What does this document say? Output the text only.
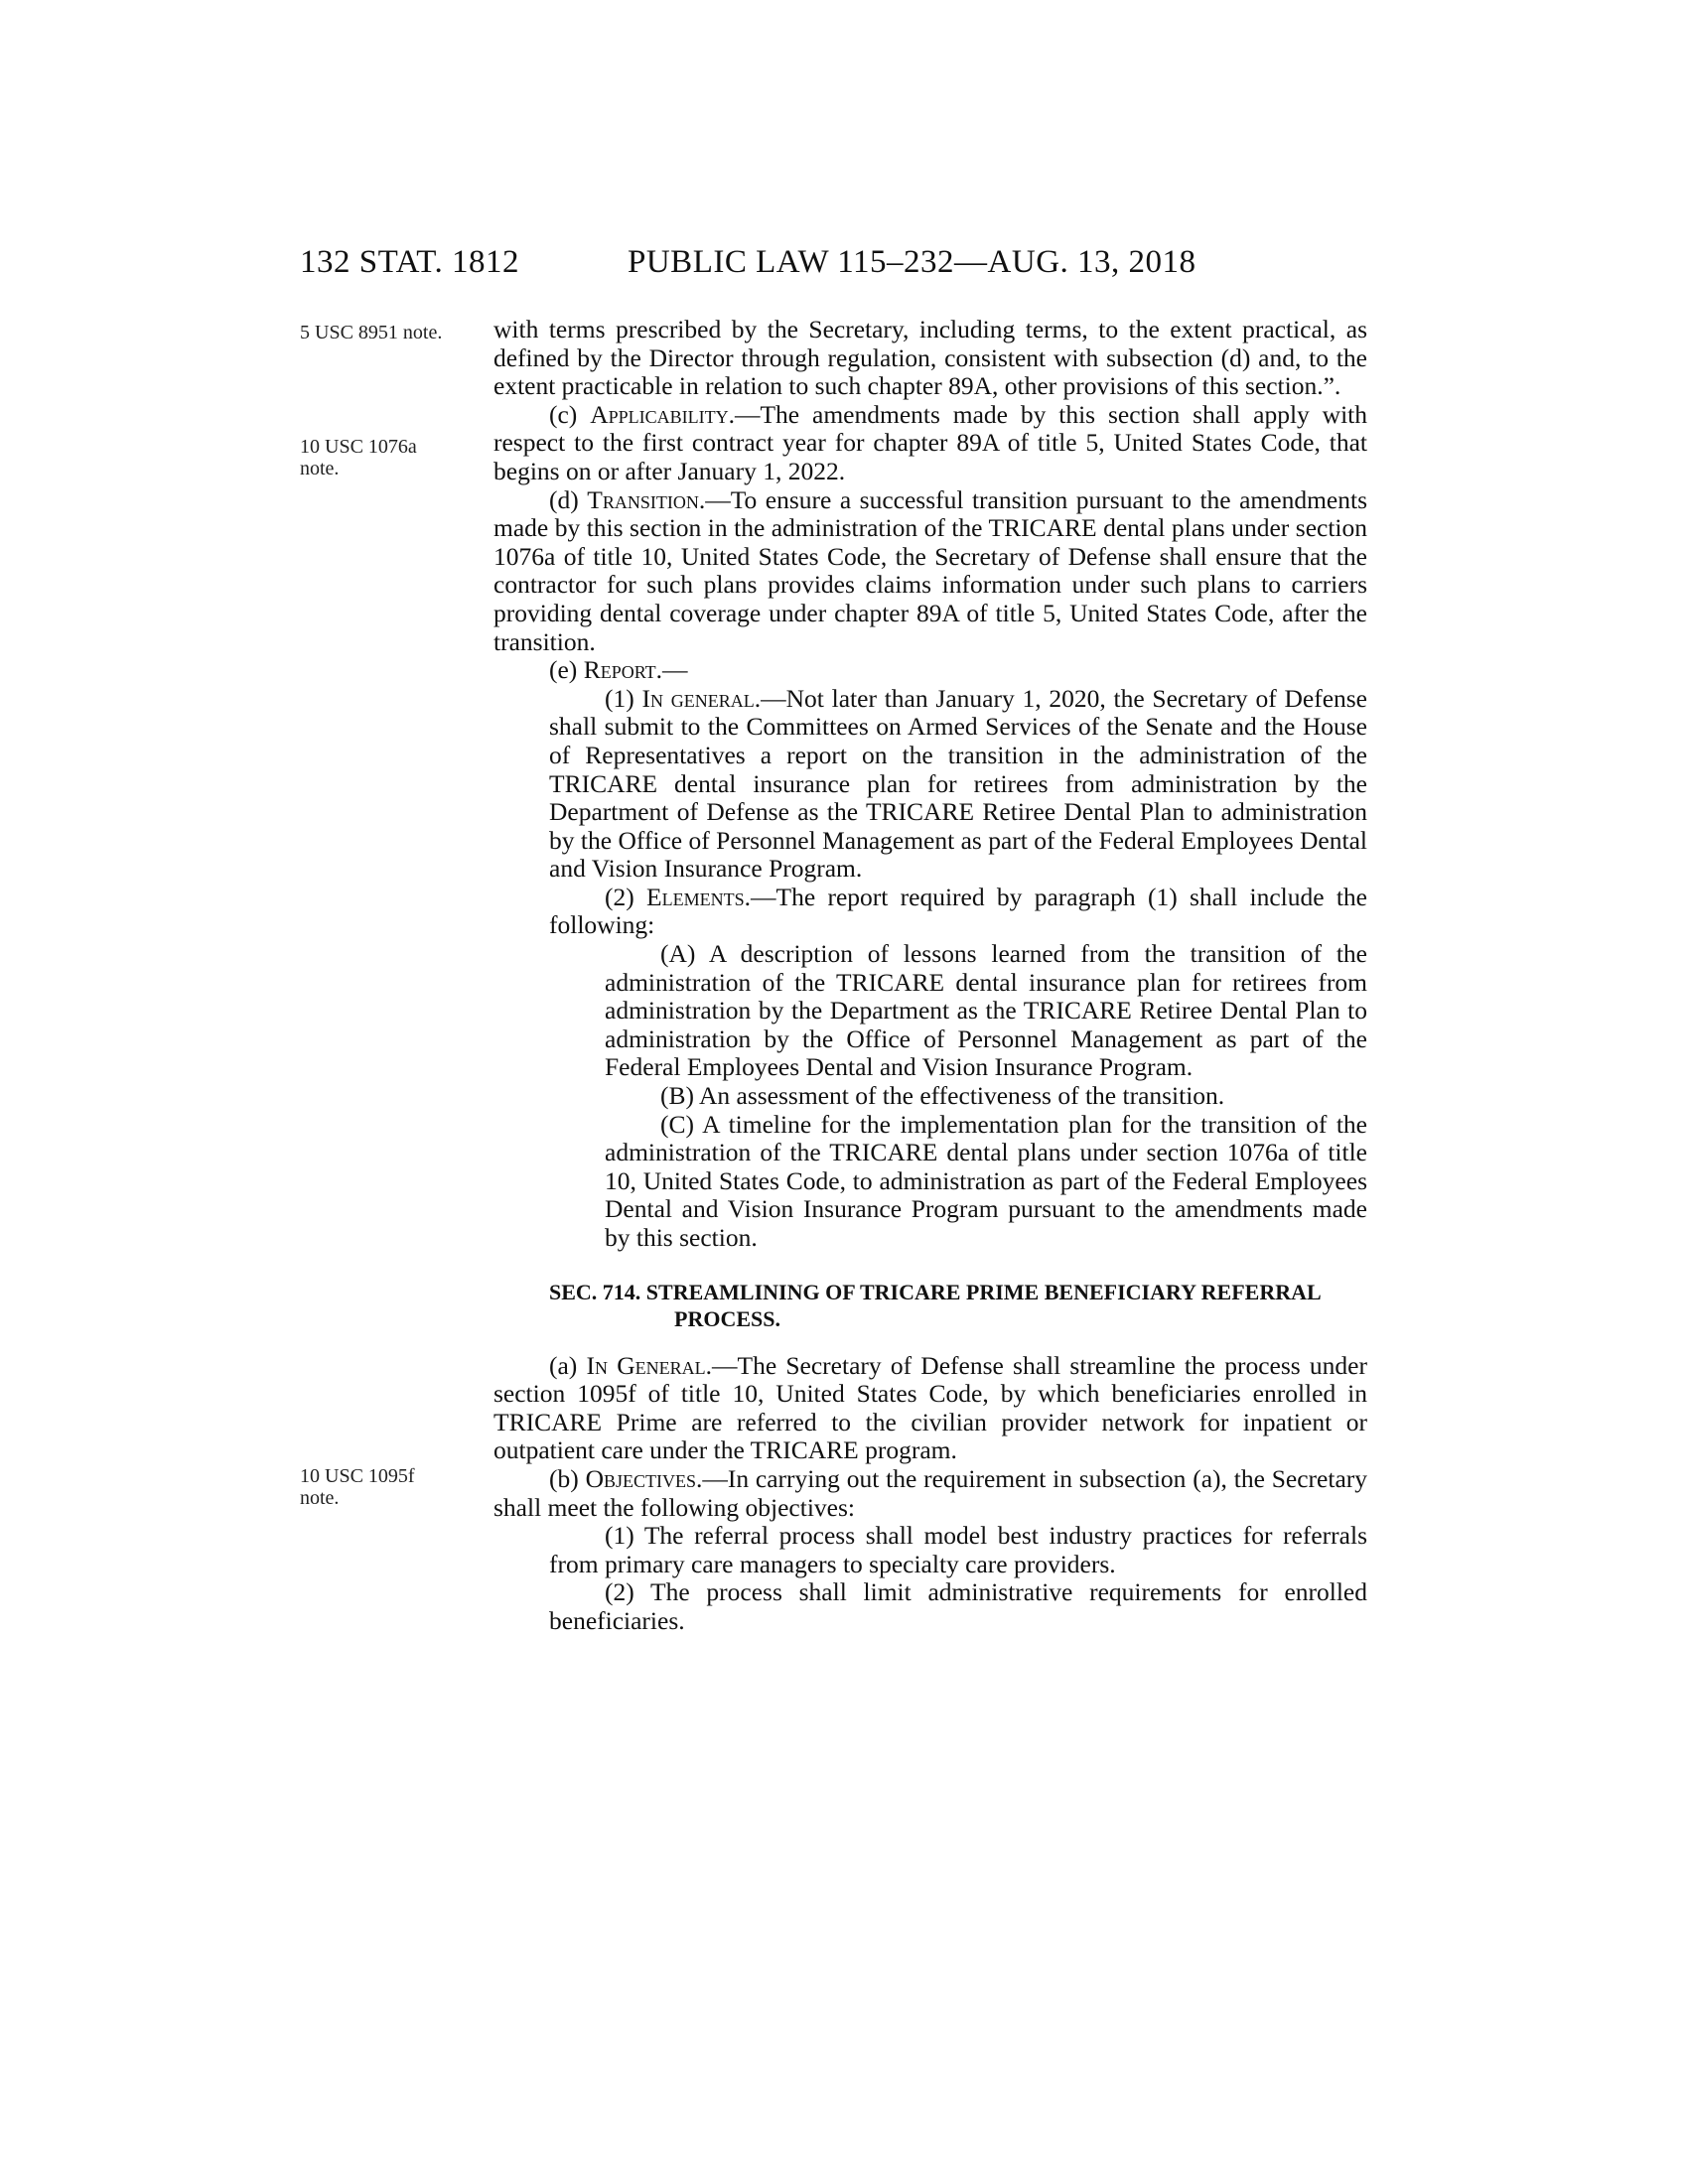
132 STAT. 1812	PUBLIC LAW 115–232—AUG. 13, 2018
5 USC 8951 note.
10 USC 1076a
note.
10 USC 1095f
note.

with terms prescribed by the Secretary, including terms, to the extent practical, as defined by the Director through regulation, consistent with subsection (d) and, to the extent practicable in relation to such chapter 89A, other provisions of this section.”.

(c) Applicability.—The amendments made by this section shall apply with respect to the first contract year for chapter 89A of title 5, United States Code, that begins on or after January 1, 2022.

(d) Transition.—To ensure a successful transition pursuant to the amendments made by this section in the administration of the TRICARE dental plans under section 1076a of title 10, United States Code, the Secretary of Defense shall ensure that the contractor for such plans provides claims information under such plans to carriers providing dental coverage under chapter 89A of title 5, United States Code, after the transition.

(e) Report.—

(1) In general.—Not later than January 1, 2020, the Secretary of Defense shall submit to the Committees on Armed Services of the Senate and the House of Representatives a report on the transition in the administration of the TRICARE dental insurance plan for retirees from administration by the Department of Defense as the TRICARE Retiree Dental Plan to administration by the Office of Personnel Management as part of the Federal Employees Dental and Vision Insurance Program.

(2) Elements.—The report required by paragraph (1) shall include the following:

(A) A description of lessons learned from the transition of the administration of the TRICARE dental insurance plan for retirees from administration by the Department as the TRICARE Retiree Dental Plan to administration by the Office of Personnel Management as part of the Federal Employees Dental and Vision Insurance Program.

(B) An assessment of the effectiveness of the transition.

(C) A timeline for the implementation plan for the transition of the administration of the TRICARE dental plans under section 1076a of title 10, United States Code, to administration as part of the Federal Employees Dental and Vision Insurance Program pursuant to the amendments made by this section.

SEC. 714. STREAMLINING OF TRICARE PRIME BENEFICIARY REFERRAL
PROCESS.

(a) In General.—The Secretary of Defense shall streamline the process under section 1095f of title 10, United States Code, by which beneficiaries enrolled in TRICARE Prime are referred to the civilian provider network for inpatient or outpatient care under the TRICARE program.

(b) Objectives.—In carrying out the requirement in subsection (a), the Secretary shall meet the following objectives:

(1) The referral process shall model best industry practices for referrals from primary care managers to specialty care providers.

(2) The process shall limit administrative requirements for enrolled beneficiaries.
